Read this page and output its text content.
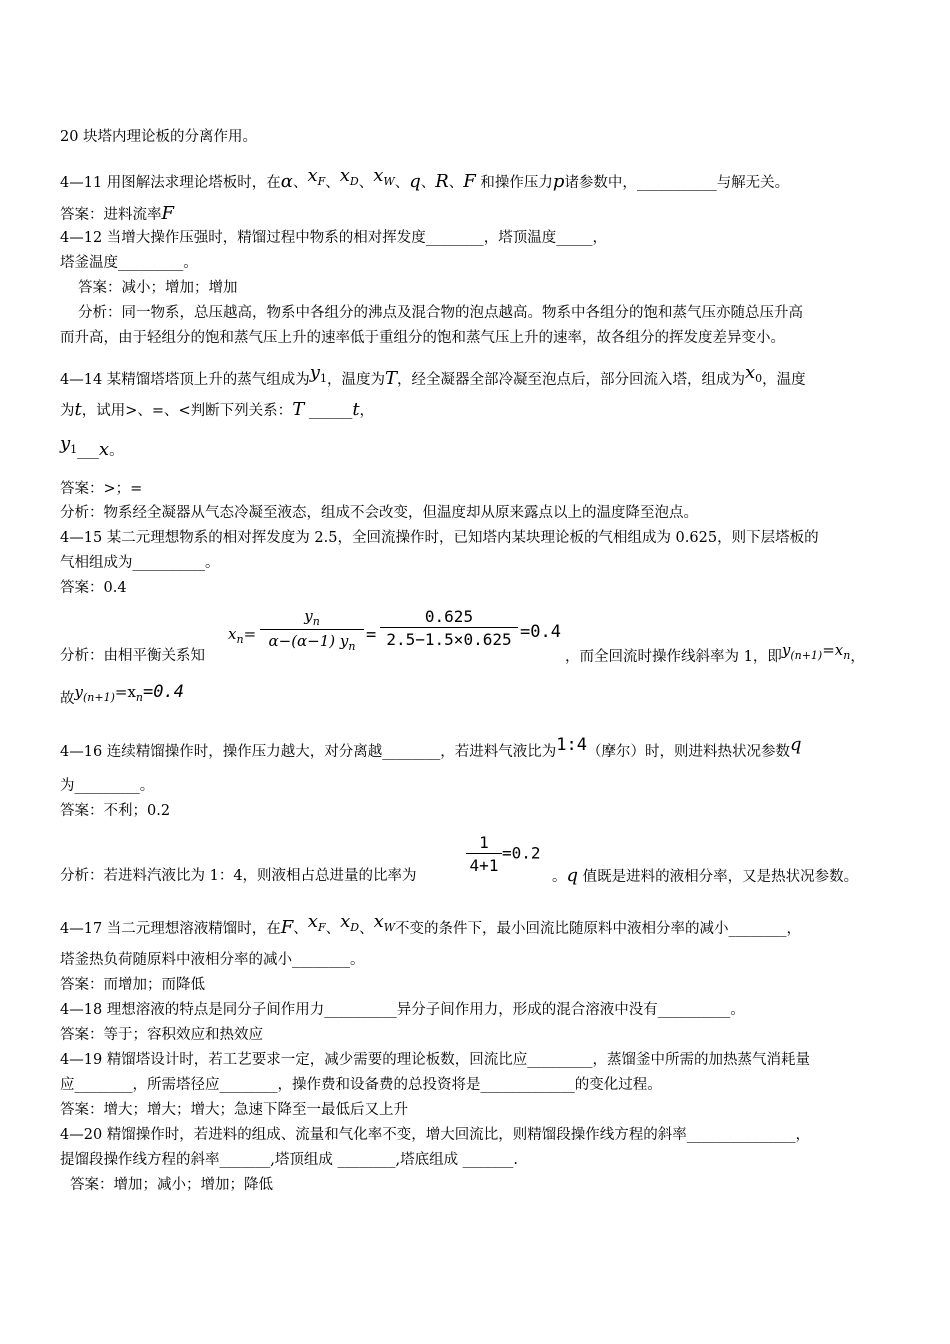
20 块塔内理论板的分离作用。
4—11 用图解法求理论塔板时，在α、$x_F$、$x_D$、$x_W$、q、R、F 和操作压力p诸参数中，___________与解无关。
答案：进料流率F
4—12 当增大操作压强时，精馏过程中物系的相对挥发度________，塔顶温度_____，
塔釜温度_________。
答案：减小；增加；增加
分析：同一物系，总压越高，物系中各组分的沸点及混合物的泡点越高。物系中各组分的饱和蒸气压亦随总压升高
而升高，由于轻组分的饱和蒸气压上升的速率低于重组分的饱和蒸气压上升的速率，故各组分的挥发度差异变小。
4—14 某精馏塔塔顶上升的蒸气组成为$y_1$，温度为T，经全凝器全部冷凝至泡点后，部分回流入塔，组成为$x_0$，温度
为t，试用>、=、<判断下列关系：T ______t，
$y_1\_\_\_x$。
答案：>；=
分析：物系经全凝器从气态冷凝至液态，组成不会改变，但温度却从原来露点以上的温度降至泡点。
4—15 某二元理想物系的相对挥发度为 2.5，全回流操作时，已知塔内某块理论板的气相组成为 0.625，则下层塔板的
气相组成为__________。
答案：0.4
分析：由相平衡关系知
$x_n= \frac{y_n}{\alpha-(\alpha-1) y_n} = \frac{0.625}{2.5-1.5\times 0.625} =0.4$
，而全回流时操作线斜率为 1，即$y_{(n+1)}=x_n$，
故$y_{(n+1)}=x_n=0.4$
4—16 连续精馏操作时，操作压力越大，对分离越________，若进料气液比为1:4（摩尔）时，则进料热状况参数q
为_________。
答案：不利；0.2
分析：若进料汽液比为 1：4，则液相占总进量的比率为
$\frac{1}{4+1} =0.2$
。q 值既是进料的液相分率，又是热状况参数。
4—17 当二元理想溶液精馏时，在F、$x_F$、$x_D$、$x_W$不变的条件下，最小回流比随原料中液相分率的减小________，
塔釜热负荷随原料中液相分率的减小________。
答案：而增加；而降低
4—18 理想溶液的特点是同分子间作用力__________异分子间作用力，形成的混合溶液中没有__________。
答案：等于；容积效应和热效应
4—19 精馏塔设计时，若工艺要求一定，减少需要的理论板数，回流比应_________，蒸馏釜中所需的加热蒸气消耗量
应________，所需塔径应________，操作费和设备费的总投资将是_____________的变化过程。
答案：增大；增大；增大；急速下降至一最低后又上升
4—20 精馏操作时，若进料的组成、流量和气化率不变，增大回流比，则精馏段操作线方程的斜率_______________，
提馏段操作线方程的斜率_______,塔顶组成 ________,塔底组成 _______.
答案：增加；减小；增加；降低
